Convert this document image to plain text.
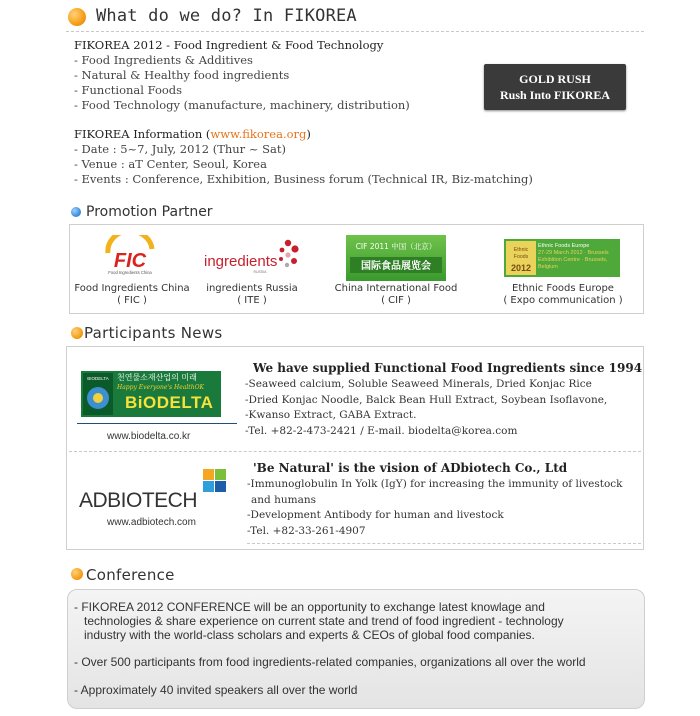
What do we do? In FIKOREA
FIKOREA 2012 - Food Ingredient & Food Technology
- Food Ingredients & Additives
- Natural & Healthy food ingredients
- Functional Foods
- Food Technology (manufacture, machinery, distribution)
GOLD RUSH
Rush Into FIKOREA
FIKOREA Information (www.fikorea.org)
- Date : 5~7, July, 2012 (Thur ~ Sat)
- Venue : aT Center, Seoul, Korea
- Events : Conference, Exhibition, Business forum (Technical IR, Biz-matching)
Promotion Partner
FIC
Food Ingredients China
Food Ingredients China
( FIC )
ingredients
RUSSIA
ingredients Russia
( ITE )
CIF 2011 中国（北京）
国际食品展览会
China International Food
( CIF )
Ethnic
Foods
2012
Ethnic Foods Europe
27-29 March 2012 · Brussels Exhibition Centre · Brussels, Belgium
Ethnic Foods Europe
( Expo communication )
Participants News
BIODELTA 천연물소재산업의 미래
Happy Everyone's HealthOK
BiODELTA
www.biodelta.co.kr
We have supplied Functional Food Ingredients since 1994
-Seaweed calcium, Soluble Seaweed Minerals, Dried Konjac Rice
-Dried Konjac Noodle, Balck Bean Hull Extract, Soybean Isoflavone,
-Kwanso Extract, GABA Extract.
-Tel. +82-2-473-2421 / E-mail. biodelta@korea.com
ADBIOTECH
www.adbiotech.com
'Be Natural' is the vision of ADbiotech Co., Ltd
-Immunoglobulin In Yolk (IgY) for increasing the immunity of livestock
and humans
-Development Antibody for human and livestock
-Tel. +82-33-261-4907
Conference
- FIKOREA 2012 CONFERENCE will be an opportunity to exchange latest knowlage and
technologies & share experience on current state and trend of food ingredient - technology
industry with the world-class scholars and experts & CEOs of global food companies.
- Over 500 participants from food ingredients-related companies, organizations all over the world
- Approximately 40 invited speakers all over the world
